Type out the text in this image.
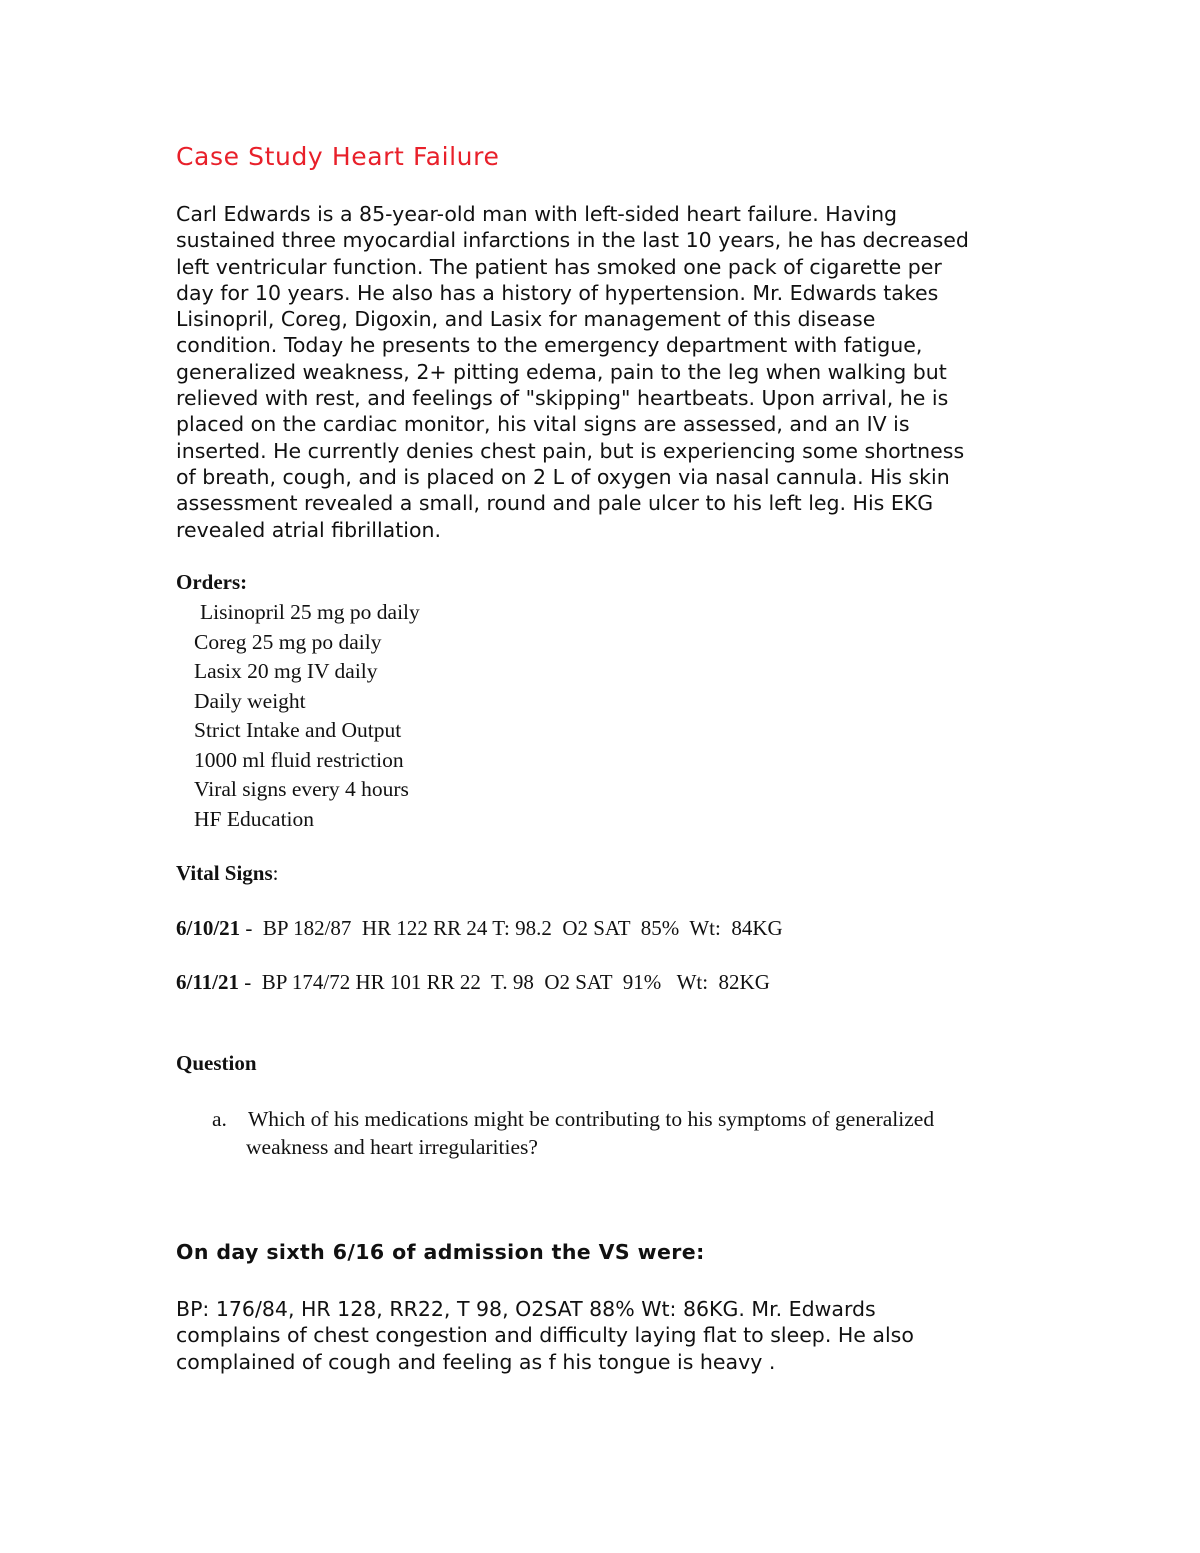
Case Study Heart Failure

Carl Edwards is a 85-year-old man with left-sided heart failure. Having
sustained three myocardial infarctions in the last 10 years, he has decreased
left ventricular function. The patient has smoked one pack of cigarette per
day for 10 years. He also has a history of hypertension. Mr. Edwards takes
Lisinopril, Coreg, Digoxin, and Lasix for management of this disease
condition. Today he presents to the emergency department with fatigue,
generalized weakness, 2+ pitting edema, pain to the leg when walking but
relieved with rest, and feelings of "skipping" heartbeats. Upon arrival, he is
placed on the cardiac monitor, his vital signs are assessed, and an IV is
inserted. He currently denies chest pain, but is experiencing some shortness
of breath, cough, and is placed on 2 L of oxygen via nasal cannula. His skin
assessment revealed a small, round and pale ulcer to his left leg. His EKG
revealed atrial fibrillation.

Orders:
Lisinopril 25 mg po daily
Coreg 25 mg po daily
Lasix 20 mg IV daily
Daily weight
Strict Intake and Output
1000 ml fluid restriction
Viral signs every 4 hours
HF Education
Vital Signs:

6/10/21 -  BP 182/87  HR 122 RR 24 T: 98.2  O2 SAT  85%  Wt:  84KG

6/11/21 -  BP 174/72 HR 101 RR 22  T. 98  O2 SAT  91%   Wt:  82KG

Question

a. Which of his medications might be contributing to his symptoms of generalized
weakness and heart irregularities?

On day sixth 6/16 of admission the VS were:

BP: 176/84, HR 128, RR22, T 98, O2SAT 88% Wt: 86KG. Mr. Edwards
complains of chest congestion and difficulty laying flat to sleep. He also
complained of cough and feeling as f his tongue is heavy .
